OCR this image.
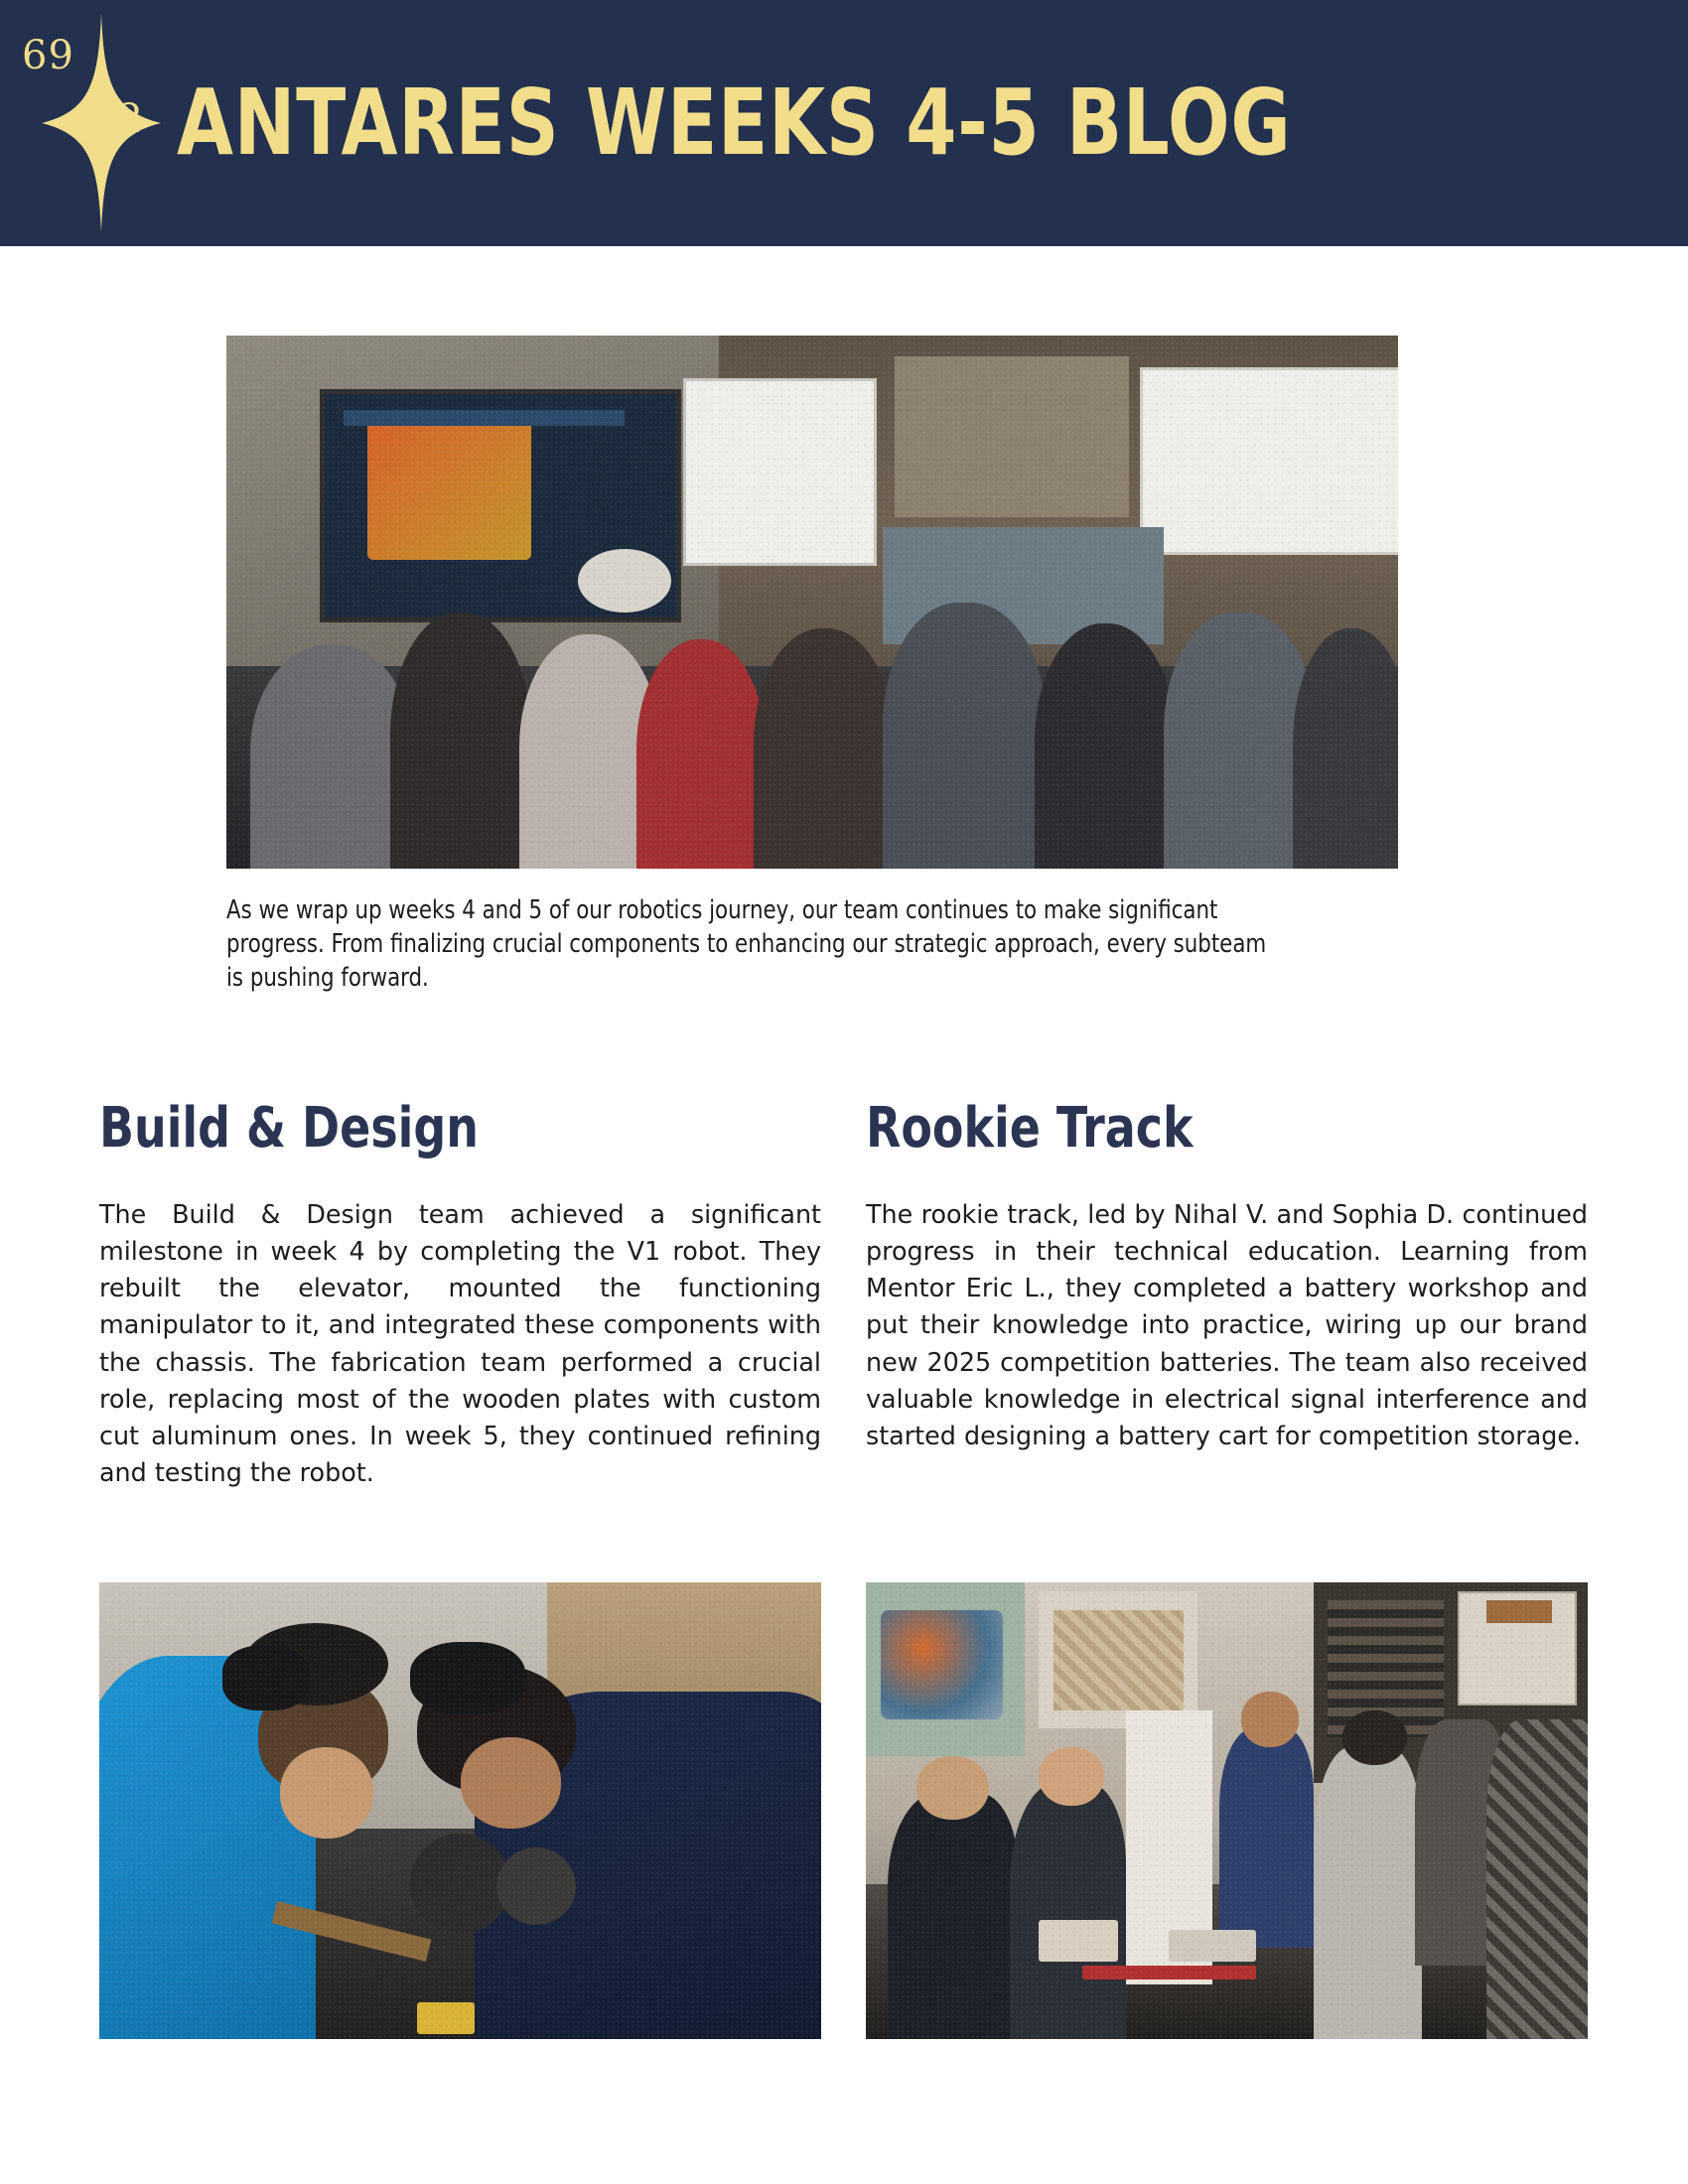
69
62 ANTARES WEEKS 4-5 BLOG
As we wrap up weeks 4 and 5 of our robotics journey, our team continues to make significant progress. From finalizing crucial components to enhancing our strategic approach, every subteam is pushing forward.
Build & Design

The Build & Design team achieved a significant milestone in week 4 by completing the V1 robot. They rebuilt the elevator, mounted the functioning manipulator to it, and integrated these components with the chassis. The fabrication team performed a crucial role, replacing most of the wooden plates with custom cut aluminum ones. In week 5, they continued refining and testing the robot.

Rookie Track

The rookie track, led by Nihal V. and Sophia D. continued progress in their technical education. Learning from Mentor Eric L., they completed a battery workshop and put their knowledge into practice, wiring up our brand new 2025 competition batteries. The team also received valuable knowledge in electrical signal interference and started designing a battery cart for competition storage.
